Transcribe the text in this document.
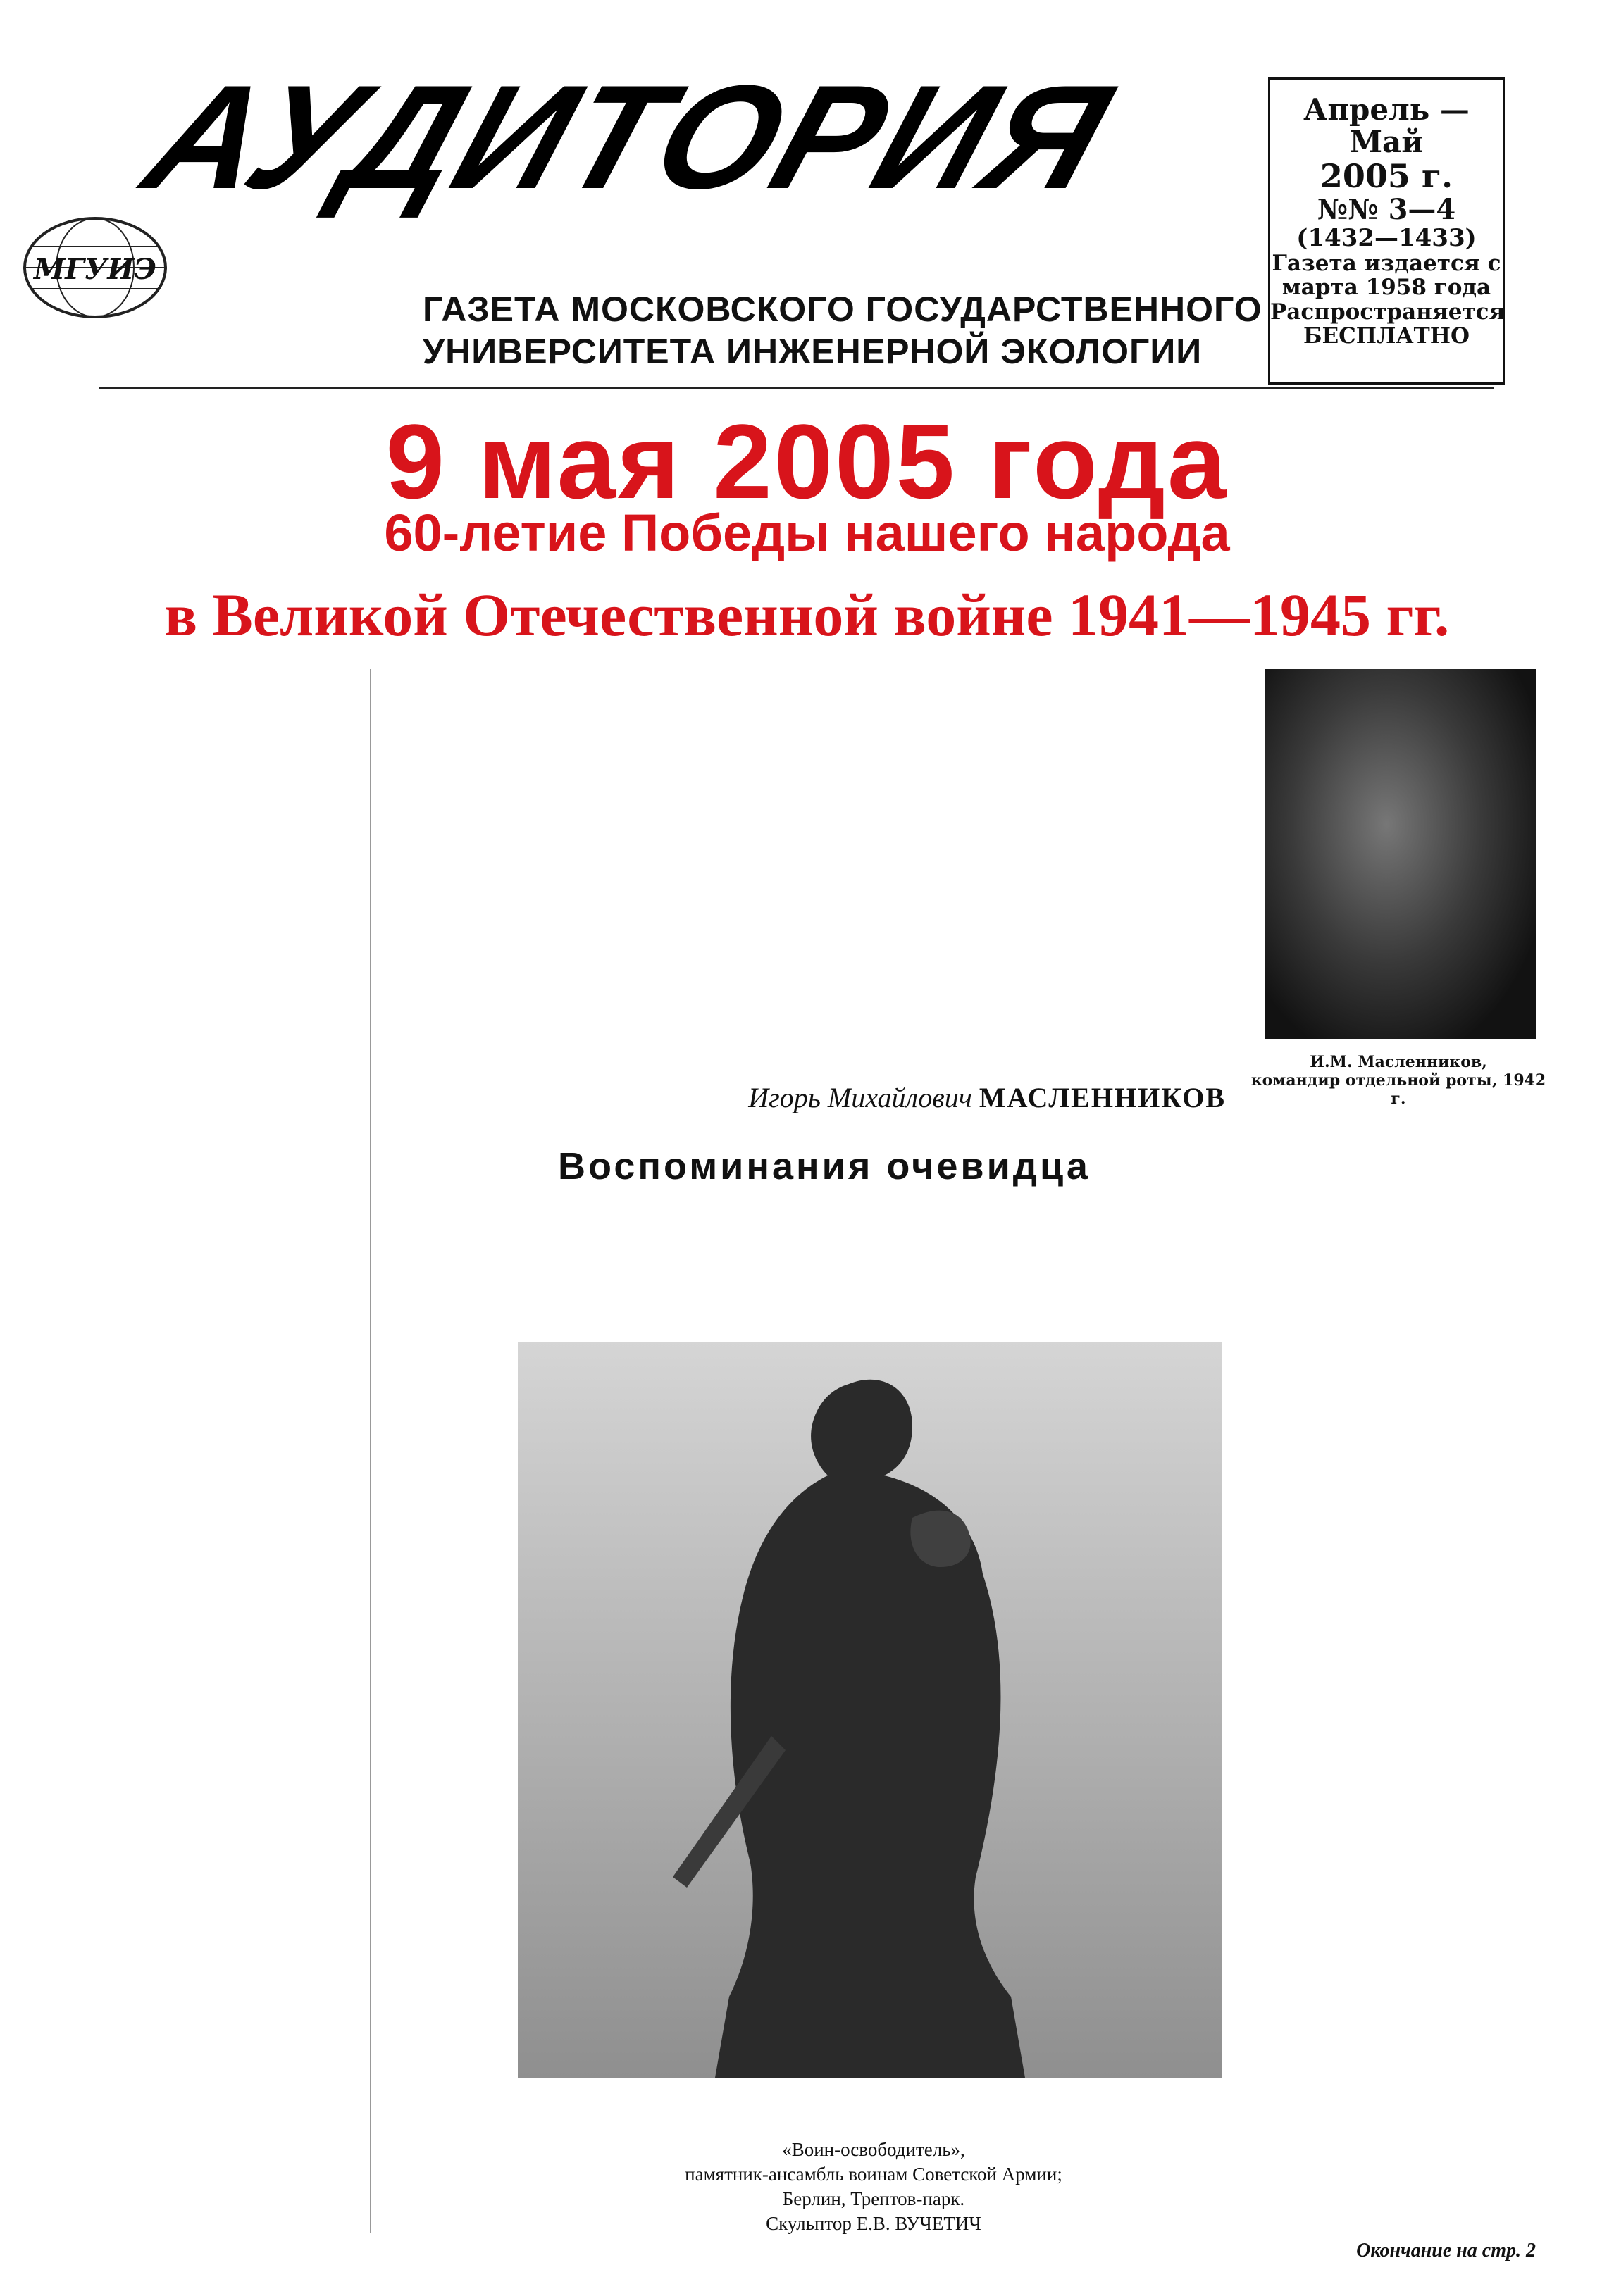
АУДИТОРИЯ
МГУИЭ
ГАЗЕТА МОСКОВСКОГО ГОСУДАРСТВЕННОГО
УНИВЕРСИТЕТА ИНЖЕНЕРНОЙ ЭКОЛОГИИ
Апрель —
Май
2005 г.
№№ 3—4
(1432—1433)
Газета издается с марта 1958 года
Распространяется БЕСПЛАТНО
9 мая 2005 года
60-летие Победы нашего народа
в Великой Отечественной войне 1941—1945 гг.
И.М. Масленников,
командир отдельной роты, 1942 г.
Игорь Михайлович МАСЛЕННИКОВ
Воспоминания очевидца
«Воин-освободитель»,
памятник-ансамбль воинам Советской Армии;
Берлин, Трептов-парк.
Скульптор Е.В. ВУЧЕТИЧ
Окончание на стр. 2
